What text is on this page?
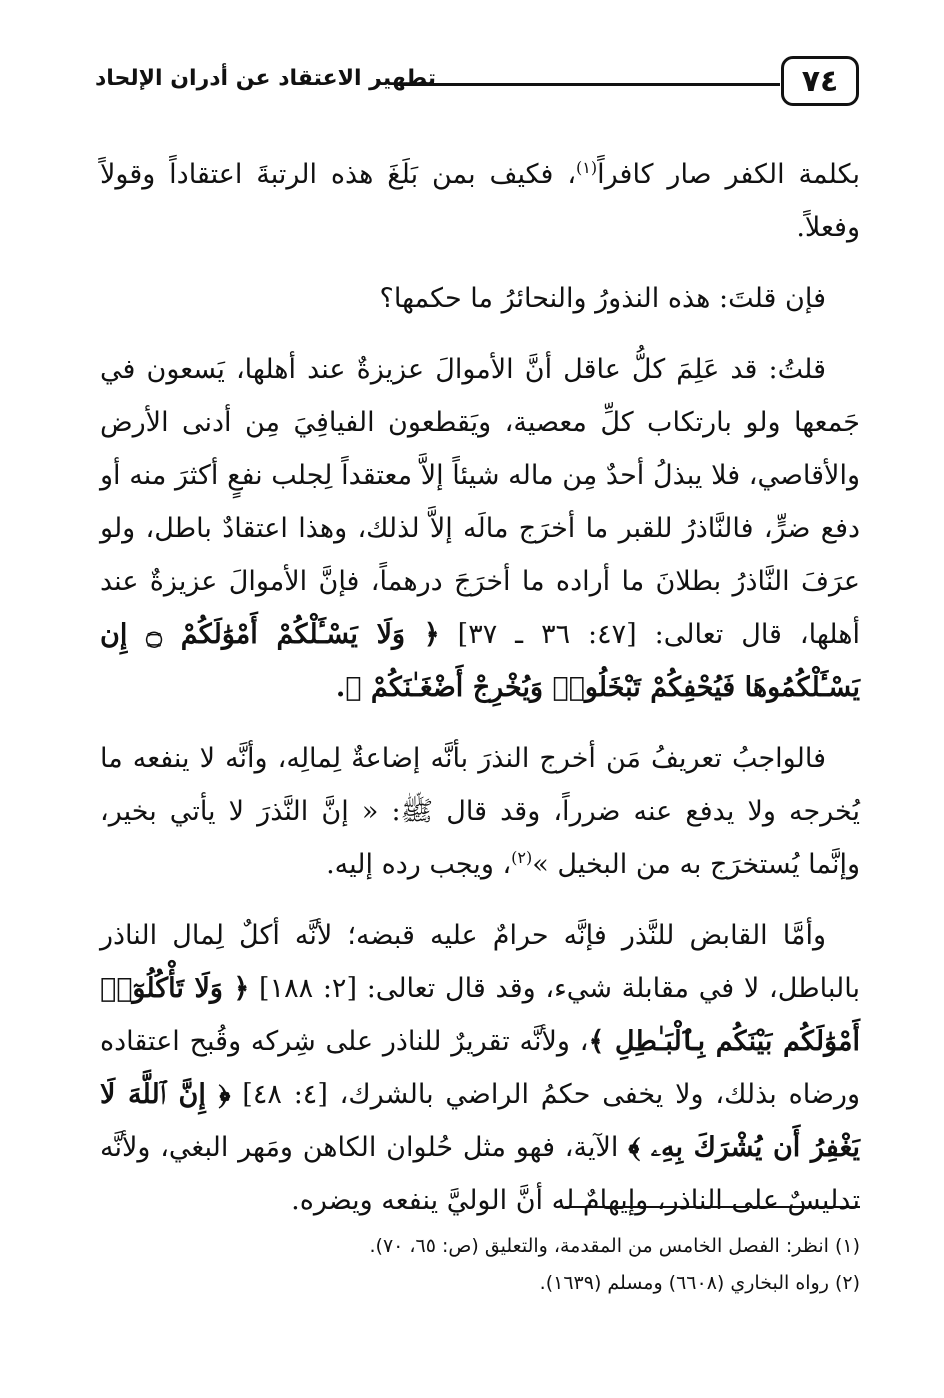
تطهير الاعتقاد عن أدران الإلحاد	٧٤

بكلمة الكفر صار كافراً$^{(١)}$، فكيف بمن بَلَغَ هذه الرتبةَ اعتقاداً وقولاً وفعلاً.

فإن قلتَ: هذه النذورُ والنحائرُ ما حكمها؟

قلتُ: قد عَلِمَ كلُّ عاقل أنَّ الأموالَ عزيزةٌ عند أهلها، يَسعون في جَمعها ولو بارتكاب كلِّ معصية، ويَقطعون الفيافِيَ مِن أدنى الأرض والأقاصي، فلا يبذلُ أحدٌ مِن ماله شيئاً إلاَّ معتقداً لِجلب نفعٍ أكثرَ منه أو دفع ضرٍّ، فالنَّاذرُ للقبر ما أخرَج مالَه إلاَّ لذلك، وهذا اعتقادٌ باطل، ولو عرَفَ النَّاذرُ بطلانَ ما أراده ما أخرَجَ درهماً، فإنَّ الأموالَ عزيزةٌ عند أهلها، قال تعالى: [٤٧: ٣٦ ـ ٣٧] ﴿ وَلَا يَسْـَٔلْكُمْ أَمْوَٰلَكُمْ ۝ إِن يَسْـَٔلْكُمُوهَا فَيُحْفِكُمْ تَبْخَلُوا۟ وَيُخْرِجْ أَضْغَـٰنَكُمْ ﴾.

فالواجبُ تعريفُ مَن أخرج النذرَ بأنَّه إضاعةٌ لِمالِه، وأنَّه لا ينفعه ما يُخرجه ولا يدفع عنه ضرراً، وقد قال ﷺ: « إنَّ النَّذرَ لا يأتي بخير، وإنَّما يُستخرَج به من البخيل »$^{(٢)}$، ويجب رده إليه.

وأمَّا القابض للنَّذر فإنَّه حرامٌ عليه قبضه؛ لأنَّه أكلٌ لِمال الناذر بالباطل، لا في مقابلة شيء، وقد قال تعالى: [٢: ١٨٨] ﴿ وَلَا تَأْكُلُوٓا۟ أَمْوَٰلَكُم بَيْنَكُم بِٱلْبَـٰطِلِ ﴾، ولأنَّه تقريرٌ للناذر على شِركه وقُبح اعتقاده ورضاه بذلك، ولا يخفى حكمُ الراضي بالشرك، [٤: ٤٨] ﴿ إِنَّ ٱللَّهَ لَا يَغْفِرُ أَن يُشْرَكَ بِهِۦ ﴾ الآية، فهو مثل حُلوان الكاهن ومَهر البغي، ولأنَّه تدليسٌ على الناذر، وإيهامٌ له أنَّ الوليَّ ينفعه ويضره.

(١) انظر: الفصل الخامس من المقدمة، والتعليق (ص: ٦٥، ٧٠).
(٢) رواه البخاري (٦٦٠٨) ومسلم (١٦٣٩).
